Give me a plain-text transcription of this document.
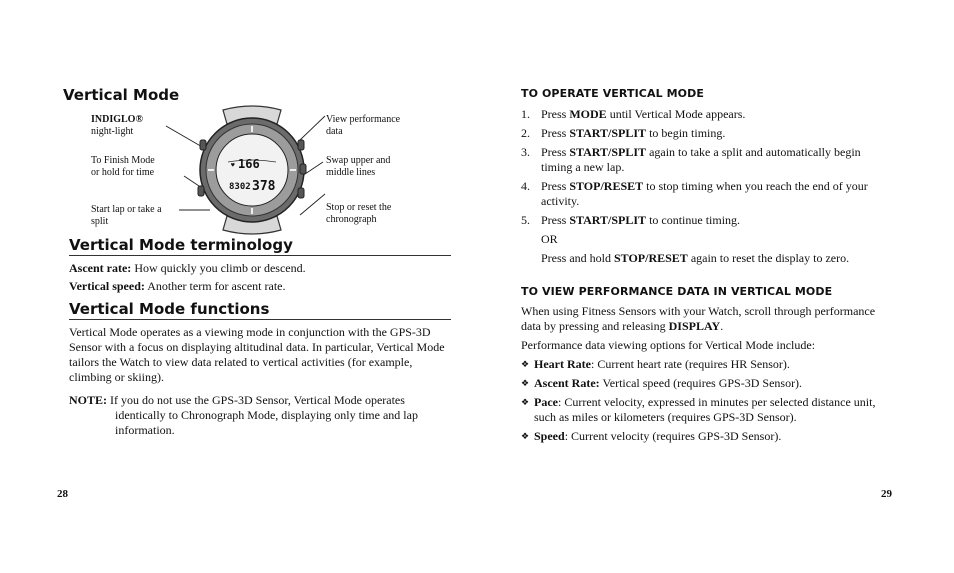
Vertical Mode
INDIGLO®
night-light
To Finish Mode
or hold for time
Start lap or take a
split
View performance
data
Swap upper and
middle lines
Stop or reset the
chronograph
♥ 166
8302 378
Vertical Mode terminology
Ascent rate: How quickly you climb or descend.
Vertical speed: Another term for ascent rate.
Vertical Mode functions
Vertical Mode operates as a viewing mode in conjunction with the GPS-3D Sensor with a focus on displaying altitudinal data. In particular, Vertical Mode tailors the Watch to view data related to vertical activities (for example, climbing or skiing).
NOTE: If you do not use the GPS-3D Sensor, Vertical Mode operates identically to Chronograph Mode, displaying only time and lap information.
28
TO OPERATE VERTICAL MODE
1. Press MODE until Vertical Mode appears.
2. Press START/SPLIT to begin timing.
3. Press START/SPLIT again to take a split and automatically begin timing a new lap.
4. Press STOP/RESET to stop timing when you reach the end of your activity.
5. Press START/SPLIT to continue timing.
OR
Press and hold STOP/RESET again to reset the display to zero.
TO VIEW PERFORMANCE DATA IN VERTICAL MODE
When using Fitness Sensors with your Watch, scroll through performance data by pressing and releasing DISPLAY.
Performance data viewing options for Vertical Mode include:
❖ Heart Rate: Current heart rate (requires HR Sensor).
❖ Ascent Rate: Vertical speed (requires GPS-3D Sensor).
❖ Pace: Current velocity, expressed in minutes per selected distance unit, such as miles or kilometers (requires GPS-3D Sensor).
❖ Speed: Current velocity (requires GPS-3D Sensor).
29
